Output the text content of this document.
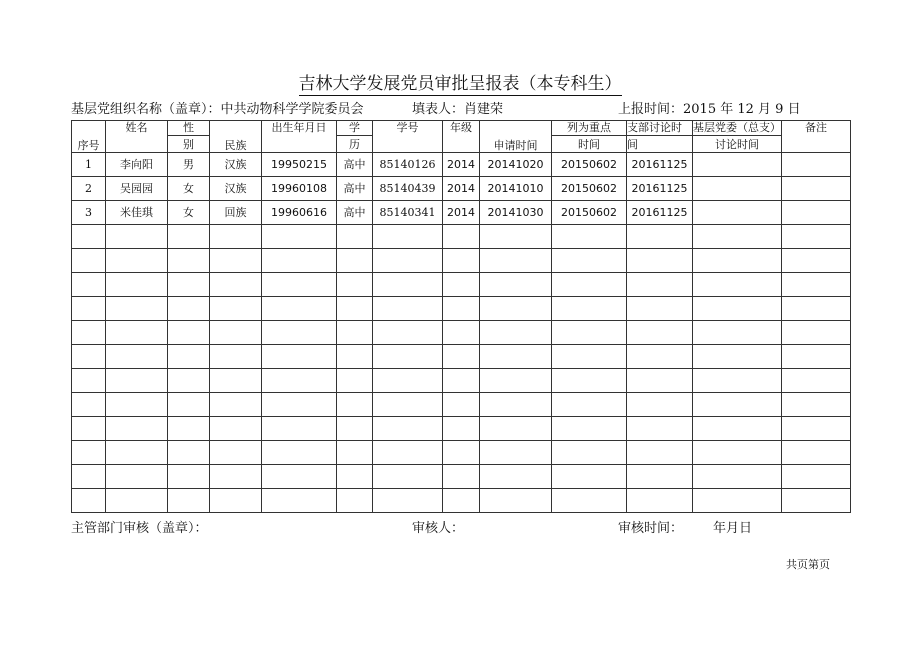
吉林大学发展党员审批呈报表（本专科生）
基层党组织名称（盖章）：中共动物科学学院委员会	填表人：肖建荣	上报时间：2015 年 12 月 9 日
序号	姓名	性	民族	出生年月日	学	学号	年级	申请时间	列为重点	支部讨论时	基层党委（总支）	备注
		别			历				时间	间	讨论时间	
1	李向阳	男	汉族	19950215	高中	85140126	2014	20141020	20150602	20161125		
2	吴园园	女	汉族	19960108	高中	85140439	2014	20141010	20150602	20161125		
3	米佳琪	女	回族	19960616	高中	85140341	2014	20141030	20150602	20161125		

主管部门审核（盖章）：	审核人：	审核时间： 年月日
共页第页
